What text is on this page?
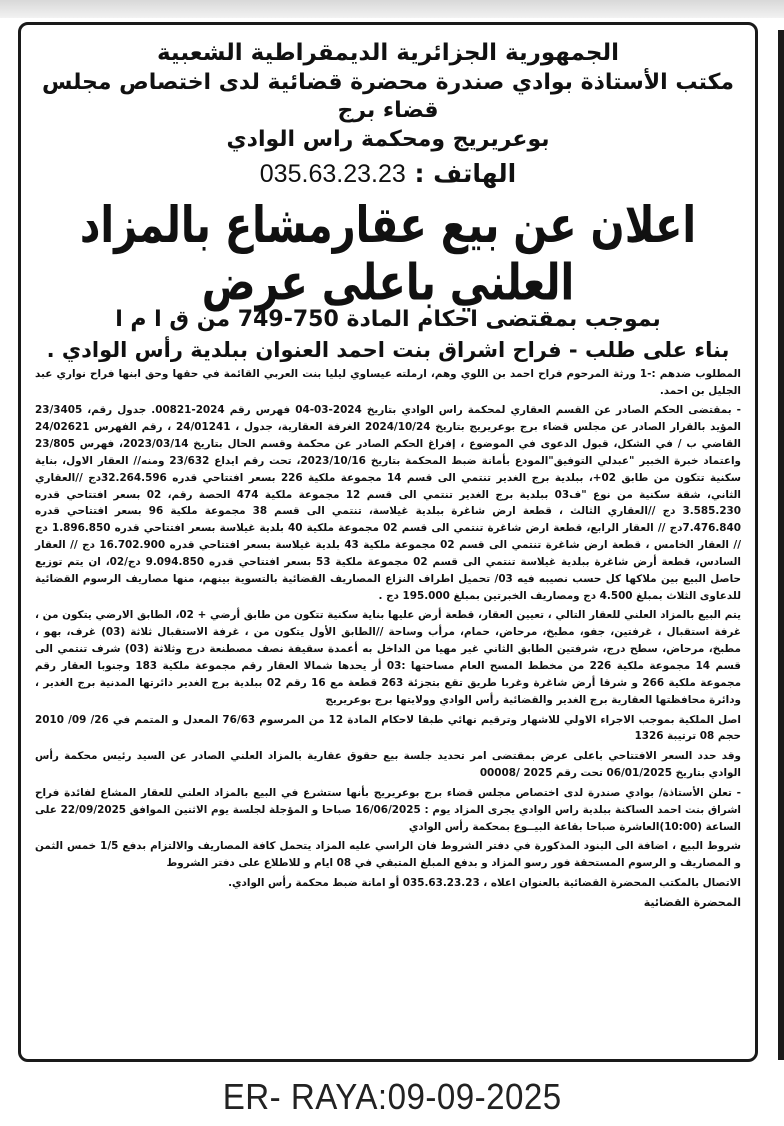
الجمهورية الجزائرية الديمقراطية الشعبية

مكتب الأستاذة بوادي صندرة محضرة قضائية لدى اختصاص مجلس قضاء برج

بوعريريج ومحكمة راس الوادي

الهاتف : 035.63.23.23
اعلان عن بيع عقارمشاع بالمزاد العلني باعلى عرض
بموجب بمقتضى احكام المادة 750-749 من ق ا م ا
بناء على طلب - فراح اشراق بنت احمد العنوان ببلدية رأس الوادي .

المطلوب ضدهم :-1 ورثة المرحوم فراح احمد بن اللوي وهم، ارملته عيساوي ليليا بنت العربي القائمة في حقها وحق ابنها فراح نواري عبد الجليل بن احمد.

- بمقتضى الحكم الصادر عن القسم العقاري لمحكمة راس الوادي بتاريخ 2024-03-04 فهرس رقم 2024-00821. جدول رقم، 23/3405 المؤيد بالقرار الصادر عن مجلس قضاء برج بوعريريج بتاريخ 2024/10/24 الغرفة العقارية، جدول ، 24/01241 ، رقم الفهرس 24/02621 القاضي ب / في الشكل، قبول الدعوى في الموضوع ، إفراغ الحكم الصادر عن محكمة وقسم الحال بتاريخ 2023/03/14، فهرس 23/805 واعتماد خبرة الخبير "عبدلي التوفيق"المودع بأمانة ضبط المحكمة بتاريخ 2023/10/16، تحت رقم ايداع 23/632 ومنه// العقار الاول، بناية سكنية تتكون من طابق 02+، ببلدية برج الغدير تنتمي الى قسم 14 مجموعة ملكية 226 بسعر افتتاحي قدره 32.264.596دج //العقاري الثاني، شقة سكنية من نوع "ف03 ببلدية برج الغدير تنتمي الى قسم 12 مجموعة ملكية 474 الحصة رقم، 02 بسعر افتتاحي قدره 3.585.230 دج //العقاري الثالث ، قطعة ارض شاغرة ببلدية غيلاسة، تنتمي الى قسم 38 مجموعة ملكية 96 بسعر افتتاحي قدره 7.476.840دج // العقار الرابع، قطعة ارض شاغرة تنتمي الى قسم 02 مجموعة ملكية 40 بلدية غيلاسة بسعر افتتاحي قدره 1.896.850 دج // العقار الخامس ، قطعة ارض شاغرة تنتمي الى قسم 02 مجموعة ملكية 43 بلدية غيلاسة بسعر افتتاحي قدره 16.702.900 دج // العقار السادس، قطعة أرض شاغرة ببلدية غيلاسة تنتمي الى قسم 02 مجموعة ملكية 53 بسعر افتتاحي قدره 9.094.850 دج/02، ان يتم توزيع حاصل البيع بين ملاكها كل حسب نصيبه فيه 03/ تحميل اطراف النزاع المصاريف القضائية بالتسوية بينهم، منها مصاريف الرسوم القضائية للدعاوى الثلاث بمبلغ 4.500 دج ومصاريف الخبرتين بمبلغ 195.000 دج .

يتم البيع بالمزاد العلني للعقار التالي ، تعيين العقار، قطعة أرض عليها بناية سكنية تتكون من طابق أرضي + 02، الطابق الارضي يتكون من ، غرفة استقبال ، غرفتين، جفو، مطبخ، مرحاض، حمام، مرأب وساحة //الطابق الأول يتكون من ، غرفة الاستقبال ثلاثة (03) غرف، بهو ، مطبخ، مرحاض، سطح درج، شرفتين الطابق الثاني غير مهيا من الداخل به أعمدة سقيفة نصف مصطنعة درج وثلاثة (03) شرف تنتمي الى قسم 14 مجموعة ملكية 226 من مخطط المسح العام مساحتها :03 أر يحدها شمالا العقار رقم مجموعة ملكية 183 وجنوبا العقار رقم مجموعة ملكية 266 و شرقا أرض شاغرة وغربا طريق تقع بتجزئة 263 قطعة مع 16 رقم 02 ببلدية برج الغدير دائرتها المدنية برج الغدير ، ودائرة محافظتها العقارية برج الغدير والقضائية رأس الوادي وولايتها برج بوعريريج

اصل الملكية بموجب الاجراء الاولي للاشهار وترقيم نهائي طبقا لاحكام المادة 12 من المرسوم 76/63 المعدل و المتمم في 26/ 09/ 2010 حجم 08 ترتيبة 1326

وقد حدد السعر الافتتاحي باعلى عرض بمقتضى امر تحديد جلسة بيع حقوق عقارية بالمزاد العلني الصادر عن السيد رئيس محكمة رأس الوادي بتاريخ 06/01/2025 تحت رقم 2025 /00008

- تعلن الأستاذة/ بوادي صندرة لدى اختصاص مجلس قضاء برج بوعريريج بأنها ستشرع في البيع بالمزاد العلني للعقار المشاع لفائدة فراح اشراق بنت احمد الساكنة ببلدية راس الوادي يجرى المزاد يوم : 16/06/2025 صباحا و المؤجلة لجلسة يوم الاثنين الموافق 22/09/2025 على الساعة (10:00)العاشرة صباحا بقاعة البيــوع بمحكمة رأس الوادي

شروط البيع ، اضافة الى البنود المذكورة في دفتر الشروط فان الراسي عليه المزاد يتحمل كافة المصاريف والالتزام بدفع 1/5 خمس الثمن و المصاريف و الرسوم المستحقة فور رسو المزاد و بدفع المبلغ المتبقي في 08 ايام و للاطلاع على دفتر الشروط

الاتصال بالمكتب المحضرة القضائية بالعنوان اعلاه ، 035.63.23.23 أو امانة ضبط محكمة رأس الوادي.

المحضرة القضائية
ER- RAYA:09-09-2025
